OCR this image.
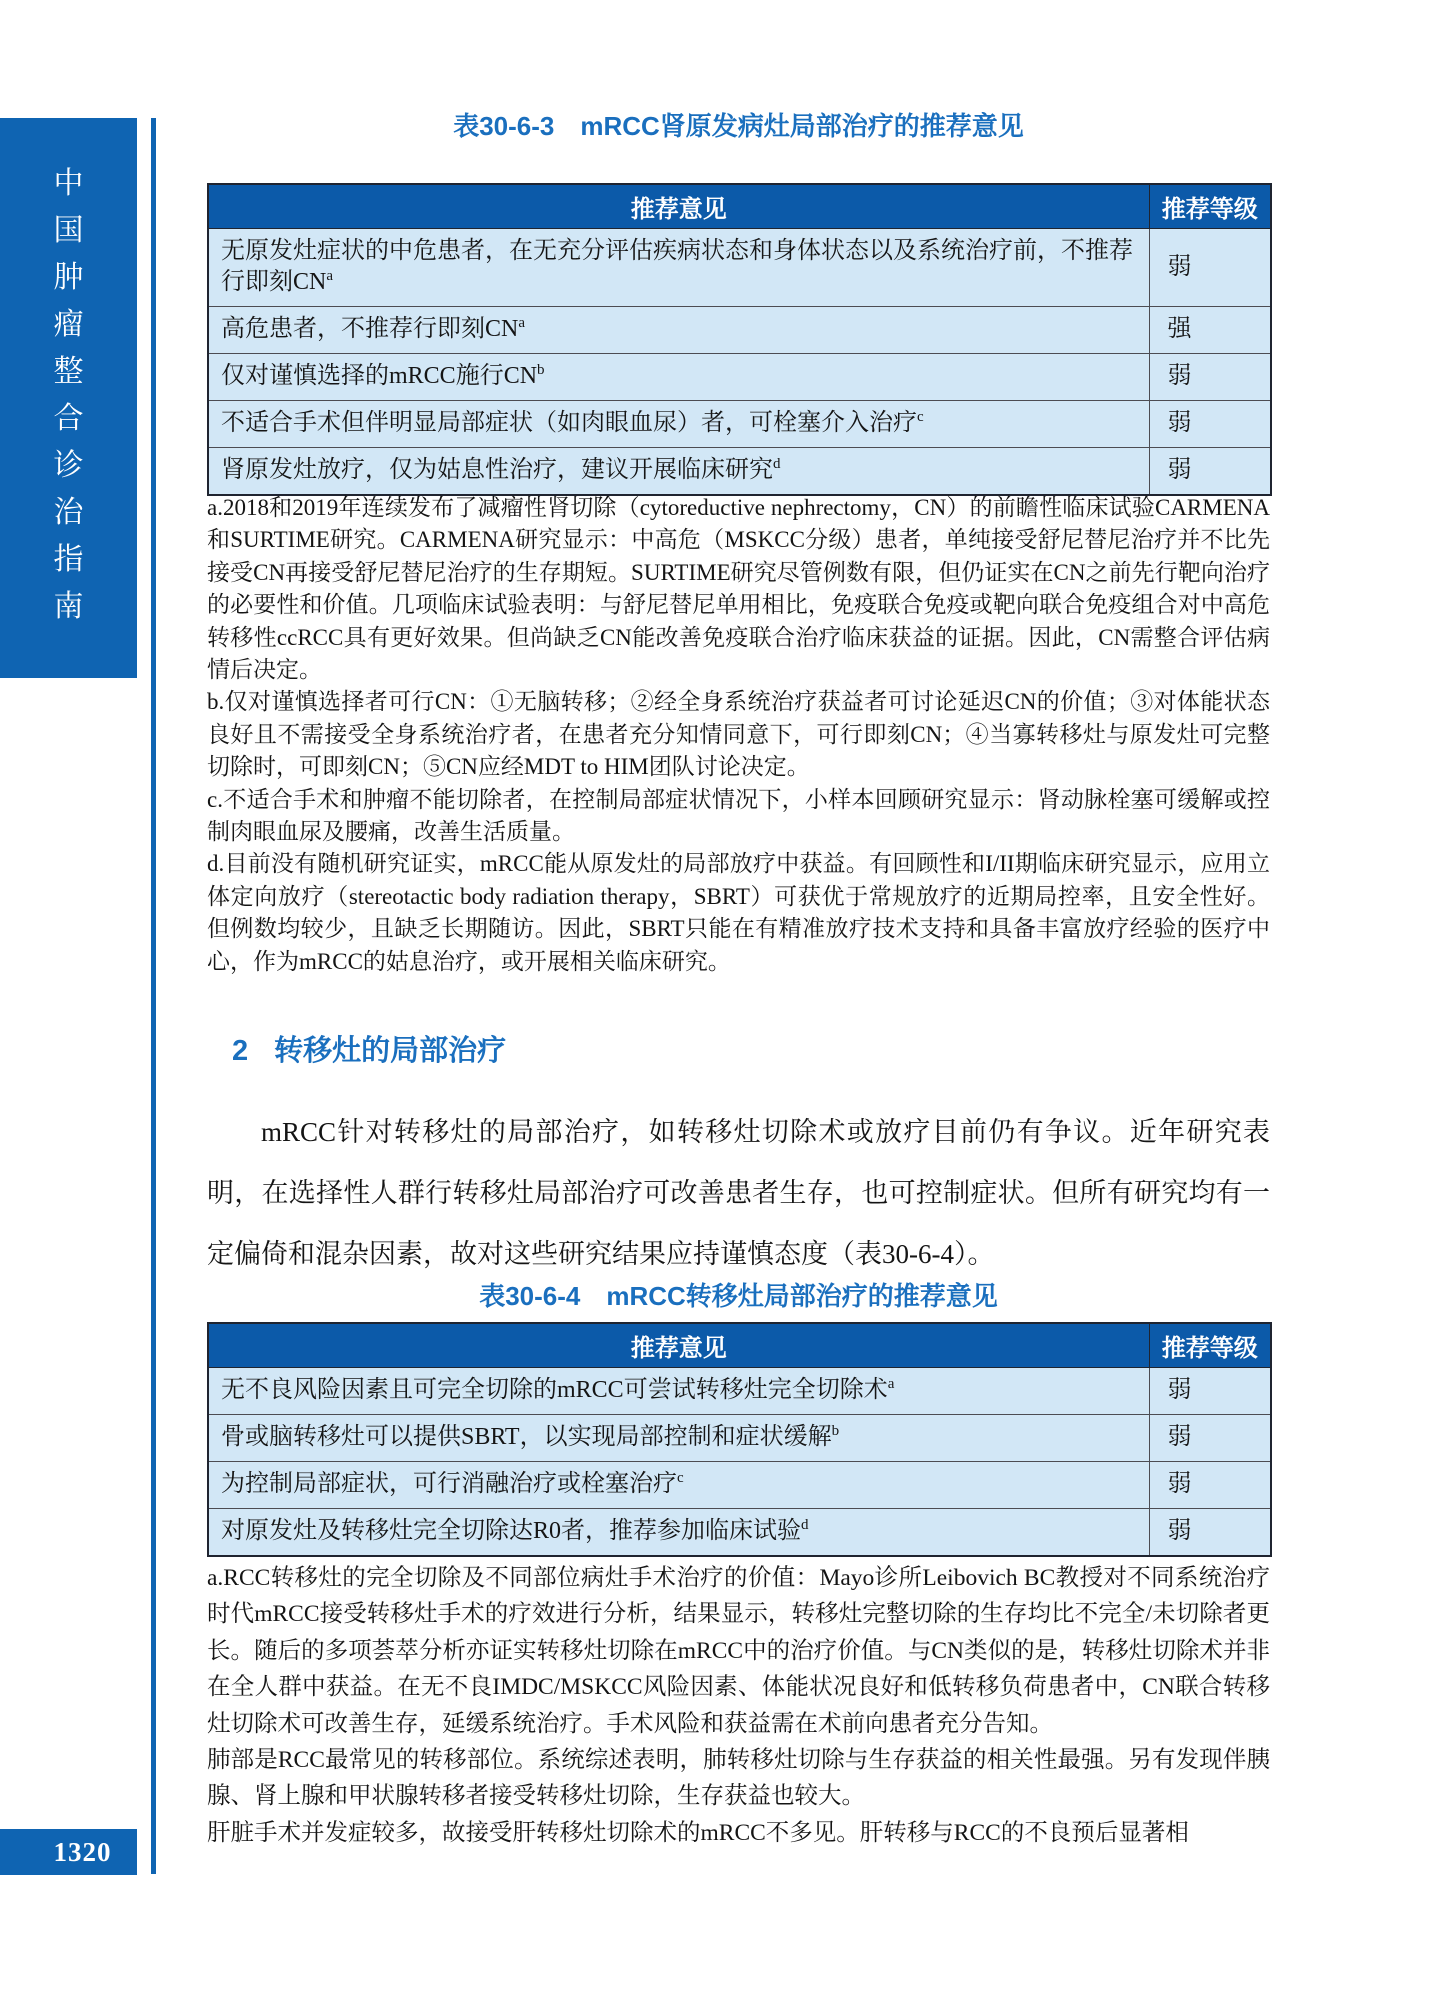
中
国
肿
瘤
整
合
诊
治
指
南
1320
表30-6-3　mRCC肾原发病灶局部治疗的推荐意见
推荐意见	推荐等级
无原发灶症状的中危患者，在无充分评估疾病状态和身体状态以及系统治疗前，不推荐行即刻$CN^a$	弱
高危患者，不推荐行即刻$CN^a$	强
仅对谨慎选择的mRCC施行$CN^b$	弱
不适合手术但伴明显局部症状（如肉眼血尿）者，可栓塞介入治疗$^c$	弱
肾原发灶放疗，仅为姑息性治疗，建议开展临床研究$^d$	弱

a.2018和2019年连续发布了减瘤性肾切除（cytoreductive nephrectomy，CN）的前瞻性临床试验CARMENA和SURTIME研究。CARMENA研究显示：中高危（MSKCC分级）患者，单纯接受舒尼替尼治疗并不比先接受CN再接受舒尼替尼治疗的生存期短。SURTIME研究尽管例数有限，但仍证实在CN之前先行靶向治疗的必要性和价值。几项临床试验表明：与舒尼替尼单用相比，免疫联合免疫或靶向联合免疫组合对中高危转移性ccRCC具有更好效果。但尚缺乏CN能改善免疫联合治疗临床获益的证据。因此，CN需整合评估病情后决定。

b.仅对谨慎选择者可行CN：①无脑转移；②经全身系统治疗获益者可讨论延迟CN的价值；③对体能状态良好且不需接受全身系统治疗者，在患者充分知情同意下，可行即刻CN；④当寡转移灶与原发灶可完整切除时，可即刻CN；⑤CN应经MDT to HIM团队讨论决定。

c.不适合手术和肿瘤不能切除者，在控制局部症状情况下，小样本回顾研究显示：肾动脉栓塞可缓解或控制肉眼血尿及腰痛，改善生活质量。

d.目前没有随机研究证实，mRCC能从原发灶的局部放疗中获益。有回顾性和I/II期临床研究显示，应用立体定向放疗（stereotactic body radiation therapy，SBRT）可获优于常规放疗的近期局控率，且安全性好。但例数均较少，且缺乏长期随访。因此，SBRT只能在有精准放疗技术支持和具备丰富放疗经验的医疗中心，作为mRCC的姑息治疗，或开展相关临床研究。

2 转移灶的局部治疗

mRCC针对转移灶的局部治疗，如转移灶切除术或放疗目前仍有争议。近年研究表明，在选择性人群行转移灶局部治疗可改善患者生存，也可控制症状。但所有研究均有一定偏倚和混杂因素，故对这些研究结果应持谨慎态度（表30-6-4）。

表30-6-4　mRCC转移灶局部治疗的推荐意见
推荐意见	推荐等级
无不良风险因素且可完全切除的mRCC可尝试转移灶完全切除术$^a$	弱
骨或脑转移灶可以提供SBRT，以实现局部控制和症状缓解$^b$	弱
为控制局部症状，可行消融治疗或栓塞治疗$^c$	弱
对原发灶及转移灶完全切除达R0者，推荐参加临床试验$^d$	弱

a.RCC转移灶的完全切除及不同部位病灶手术治疗的价值：Mayo诊所Leibovich BC教授对不同系统治疗时代mRCC接受转移灶手术的疗效进行分析，结果显示，转移灶完整切除的生存均比不完全/未切除者更长。随后的多项荟萃分析亦证实转移灶切除在mRCC中的治疗价值。与CN类似的是，转移灶切除术并非在全人群中获益。在无不良IMDC/MSKCC风险因素、体能状况良好和低转移负荷患者中，CN联合转移灶切除术可改善生存，延缓系统治疗。手术风险和获益需在术前向患者充分告知。

肺部是RCC最常见的转移部位。系统综述表明，肺转移灶切除与生存获益的相关性最强。另有发现伴胰腺、肾上腺和甲状腺转移者接受转移灶切除，生存获益也较大。

肝脏手术并发症较多，故接受肝转移灶切除术的mRCC不多见。肝转移与RCC的不良预后显著相
